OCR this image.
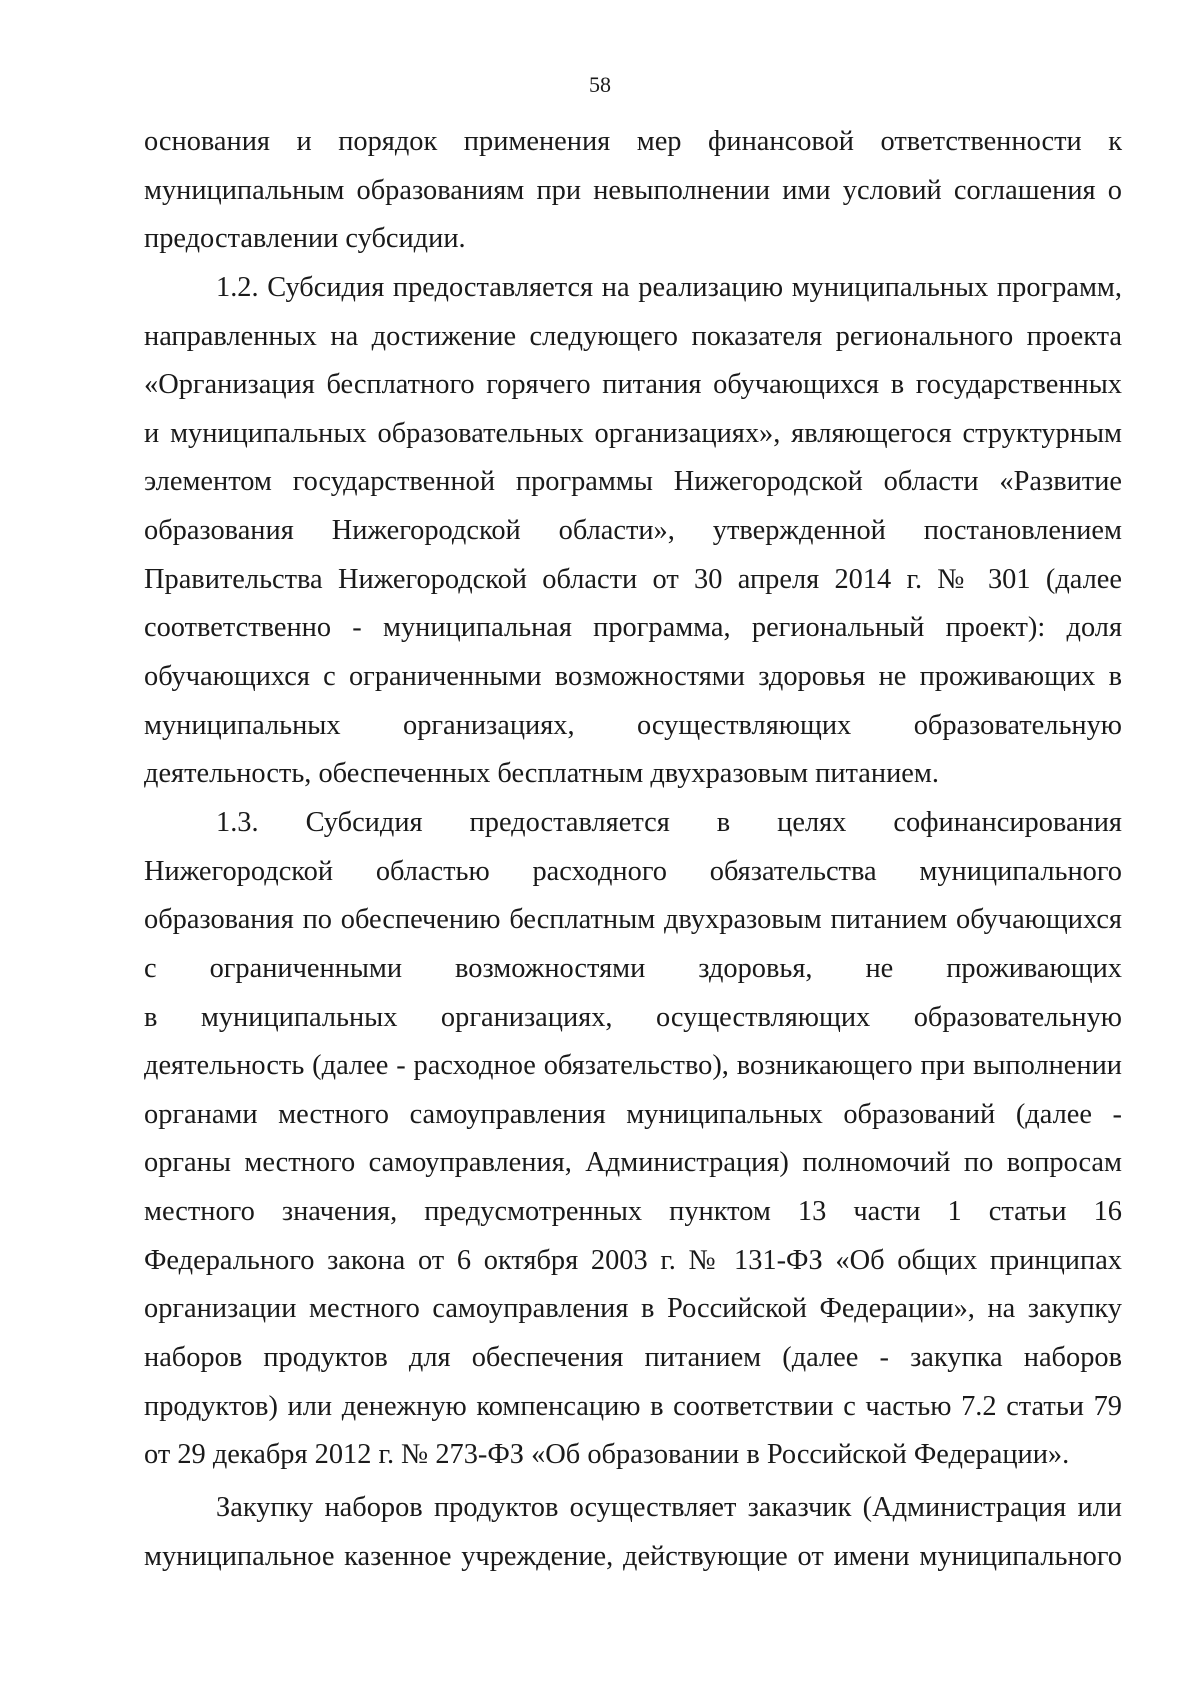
58
основания и порядок применения мер финансовой ответственности к
муниципальным образованиям при невыполнении ими условий соглашения о
предоставлении субсидии.
1.2. Субсидия предоставляется на реализацию муниципальных программ,
направленных на достижение следующего показателя регионального проекта
«Организация бесплатного горячего питания обучающихся в государственных
и муниципальных образовательных организациях», являющегося структурным
элементом государственной программы Нижегородской области «Развитие
образования Нижегородской области», утвержденной постановлением
Правительства Нижегородской области от 30 апреля 2014 г. № 301 (далее
соответственно - муниципальная программа, региональный проект): доля
обучающихся с ограниченными возможностями здоровья не проживающих в
муниципальных организациях, осуществляющих образовательную
деятельность, обеспеченных бесплатным двухразовым питанием.
1.3. Субсидия предоставляется в целях софинансирования
Нижегородской областью расходного обязательства муниципального
образования по обеспечению бесплатным двухразовым питанием обучающихся
с ограниченными возможностями здоровья, не проживающих
в муниципальных организациях, осуществляющих образовательную
деятельность (далее - расходное обязательство), возникающего при выполнении
органами местного самоуправления муниципальных образований (далее -
органы местного самоуправления, Администрация) полномочий по вопросам
местного значения, предусмотренных пунктом 13 части 1 статьи 16
Федерального закона от 6 октября 2003 г. № 131-ФЗ «Об общих принципах
организации местного самоуправления в Российской Федерации», на закупку
наборов продуктов для обеспечения питанием (далее - закупка наборов
продуктов) или денежную компенсацию в соответствии с частью 7.2 статьи 79
от 29 декабря 2012 г. № 273-ФЗ «Об образовании в Российской Федерации».
Закупку наборов продуктов осуществляет заказчик (Администрация или
муниципальное казенное учреждение, действующие от имени муниципального
